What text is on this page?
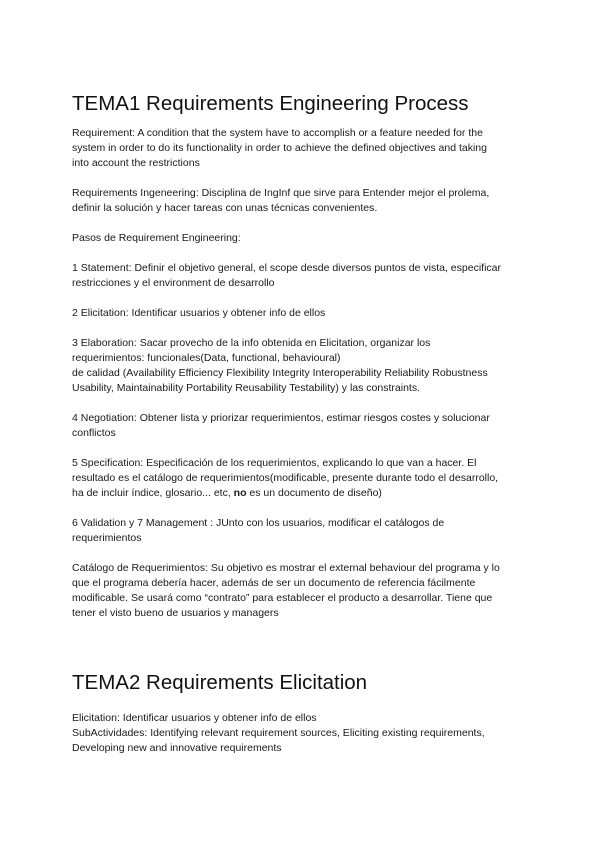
TEMA1 Requirements Engineering Process

Requirement: A condition that the system have to accomplish or a feature needed for the
system in order to do its functionality in order to achieve the defined objectives and taking
into account the restrictions

Requirements Ingeneering: Disciplina de IngInf que sirve para Entender mejor el prolema,
definir la solución y hacer tareas con unas técnicas convenientes.

Pasos de Requirement Engineering:

1 Statement: Definir el objetivo general, el scope desde diversos puntos de vista, especificar
restricciones y el environment de desarrollo

2 Elicitation: Identificar usuarios y obtener info de ellos

3 Elaboration: Sacar provecho de la info obtenida en Elicitation, organizar los
requerimientos: funcionales(Data, functional, behavioural)
de calidad (Availability Efficiency Flexibility Integrity Interoperability Reliability Robustness
Usability, Maintainability Portability Reusability Testability) y las constraints.

4 Negotiation: Obtener lista y priorizar requerimientos, estimar riesgos costes y solucionar
conflictos

5 Specification: Especificación de los requerimientos, explicando lo que van a hacer. El
resultado es el catálogo de requerimientos(modificable, presente durante todo el desarrollo,
ha de incluir índice, glosario... etc, no es un documento de diseño)

6 Validation y 7 Management : JUnto con los usuarios, modificar el catálogos de
requerimientos

Catálogo de Requerimientos: Su objetivo es mostrar el external behaviour del programa y lo
que el programa debería hacer, además de ser un documento de referencia fácilmente
modificable. Se usará como “contrato” para establecer el producto a desarrollar. Tiene que
tener el visto bueno de usuarios y managers

TEMA2 Requirements Elicitation

Elicitation: Identificar usuarios y obtener info de ellos
SubActividades: Identifying relevant requirement sources, Eliciting existing requirements,
Developing new and innovative requirements
